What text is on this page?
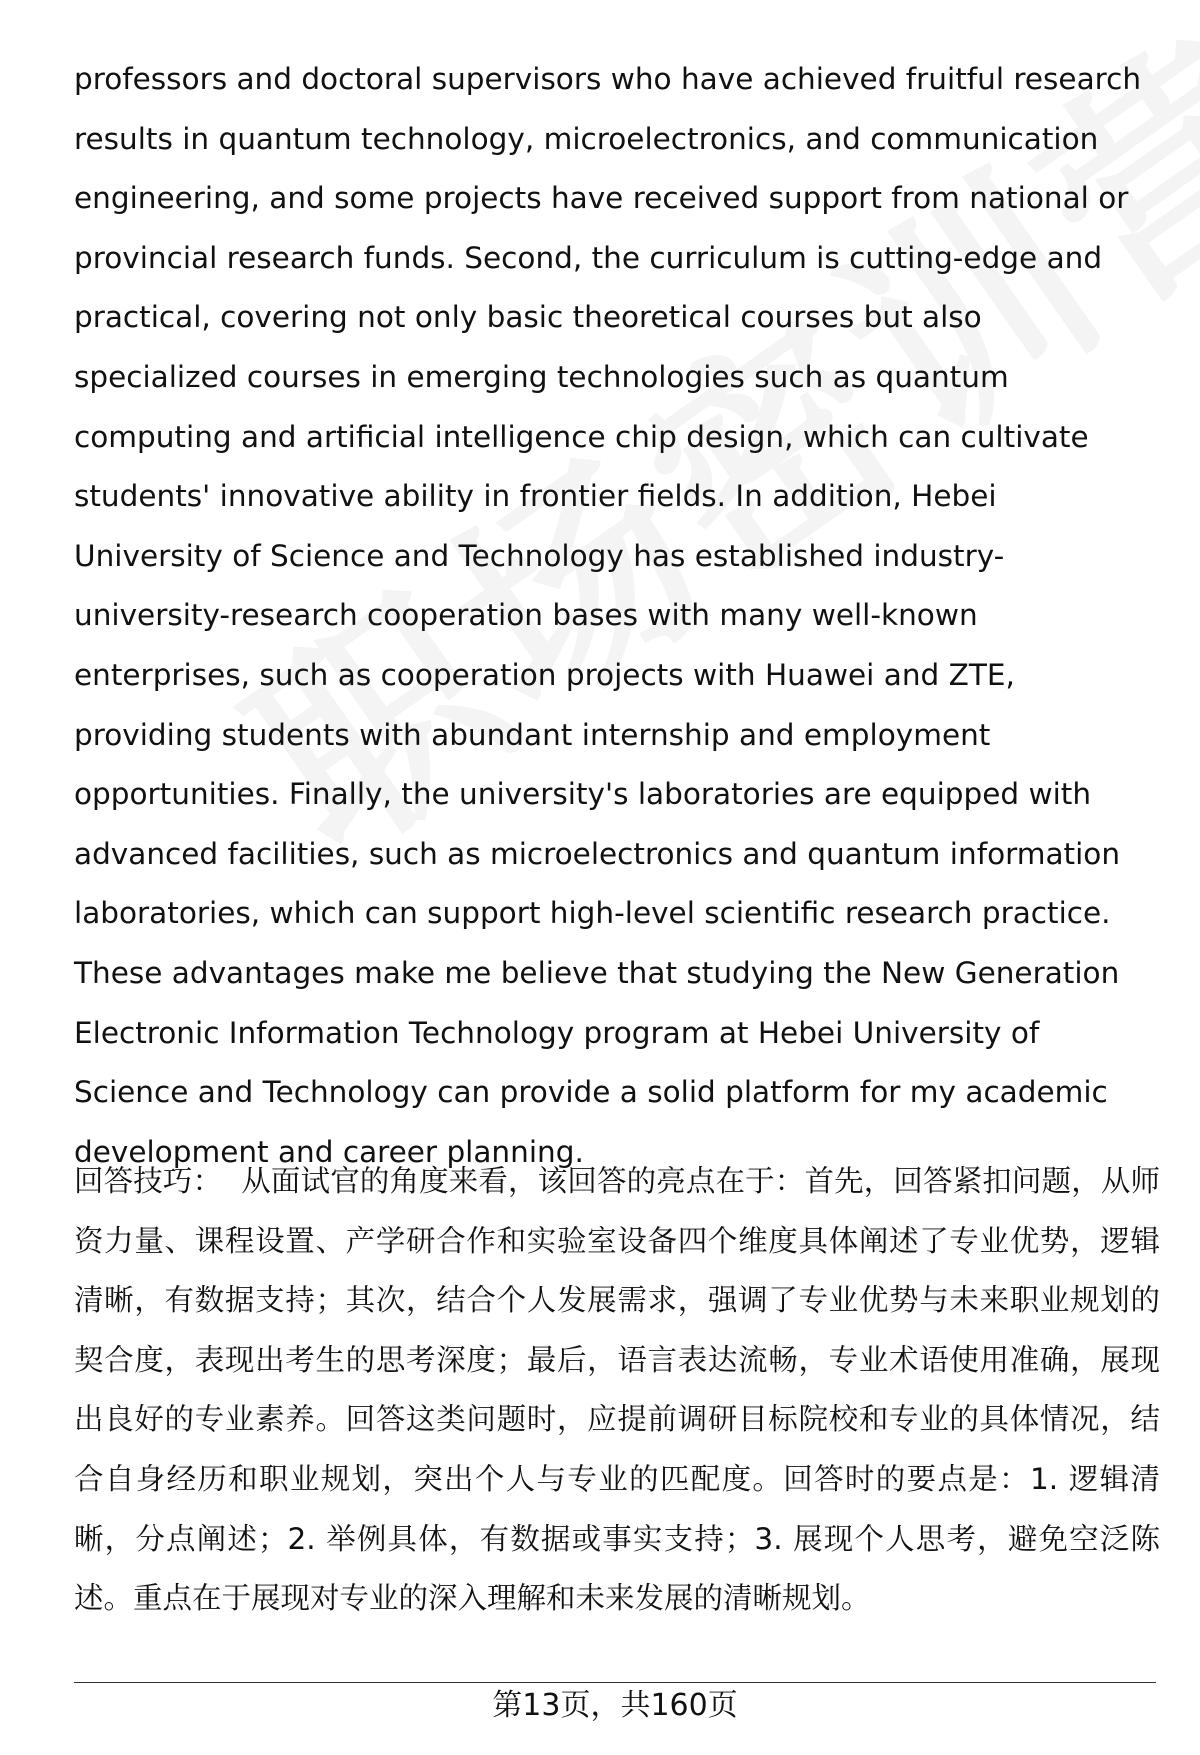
professors and doctoral supervisors who have achieved fruitful research results in quantum technology, microelectronics, and communication engineering, and some projects have received support from national or provincial research funds. Second, the curriculum is cutting-edge and practical, covering not only basic theoretical courses but also specialized courses in emerging technologies such as quantum computing and artificial intelligence chip design, which can cultivate students' innovative ability in frontier fields. In addition, Hebei University of Science and Technology has established industry-university-research cooperation bases with many well-known enterprises, such as cooperation projects with Huawei and ZTE, providing students with abundant internship and employment opportunities. Finally, the university's laboratories are equipped with advanced facilities, such as microelectronics and quantum information laboratories, which can support high-level scientific research practice. These advantages make me believe that studying the New Generation Electronic Information Technology program at Hebei University of Science and Technology can provide a solid platform for my academic development and career planning.

回答技巧： 从面试官的角度来看，该回答的亮点在于：首先，回答紧扣问题，从师资力量、课程设置、产学研合作和实验室设备四个维度具体阐述了专业优势，逻辑清晰，有数据支持；其次，结合个人发展需求，强调了专业优势与未来职业规划的契合度，表现出考生的思考深度；最后，语言表达流畅，专业术语使用准确，展现出良好的专业素养。回答这类问题时，应提前调研目标院校和专业的具体情况，结合自身经历和职业规划，突出个人与专业的匹配度。回答时的要点是：1. 逻辑清晰，分点阐述；2. 举例具体，有数据或事实支持；3. 展现个人思考，避免空泛陈述。重点在于展现对专业的深入理解和未来发展的清晰规划。

第13页，共160页
